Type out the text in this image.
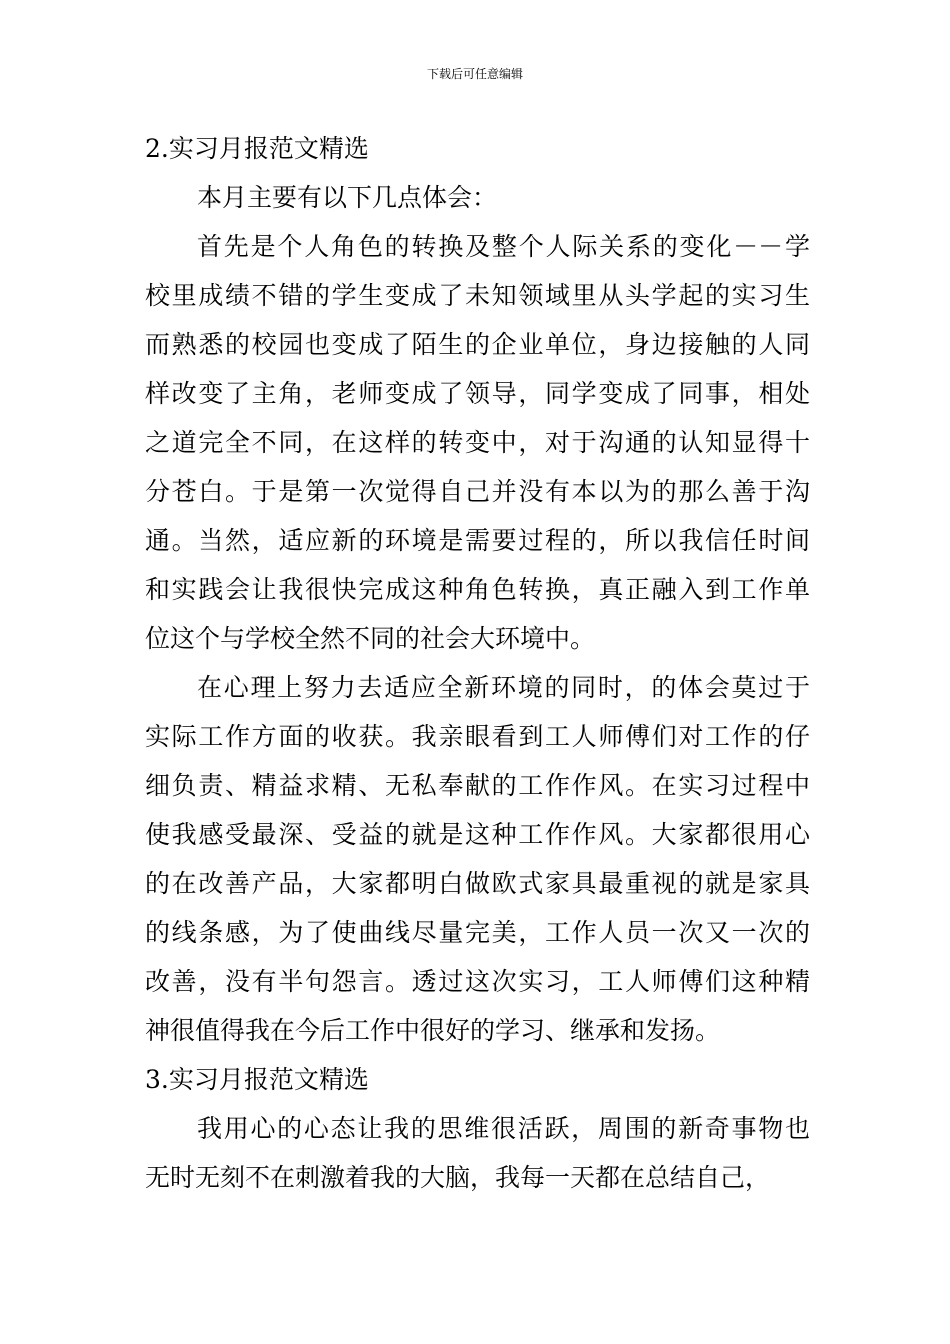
下载后可任意编辑
2.实习月报范文精选

本月主要有以下几点体会：

首先是个人角色的转换及整个人际关系的变化－－学
校里成绩不错的学生变成了未知领域里从头学起的实习生
而熟悉的校园也变成了陌生的企业单位，身边接触的人同
样改变了主角，老师变成了领导，同学变成了同事，相处
之道完全不同，在这样的转变中，对于沟通的认知显得十
分苍白。于是第一次觉得自己并没有本以为的那么善于沟
通。当然，适应新的环境是需要过程的，所以我信任时间
和实践会让我很快完成这种角色转换，真正融入到工作单
位这个与学校全然不同的社会大环境中。

在心理上努力去适应全新环境的同时，的体会莫过于
实际工作方面的收获。我亲眼看到工人师傅们对工作的仔
细负责、精益求精、无私奉献的工作作风。在实习过程中
使我感受最深、受益的就是这种工作作风。大家都很用心
的在改善产品，大家都明白做欧式家具最重视的就是家具
的线条感，为了使曲线尽量完美，工作人员一次又一次的
改善，没有半句怨言。透过这次实习，工人师傅们这种精
神很值得我在今后工作中很好的学习、继承和发扬。

3.实习月报范文精选

我用心的心态让我的思维很活跃，周围的新奇事物也
无时无刻不在刺激着我的大脑，我每一天都在总结自己，
